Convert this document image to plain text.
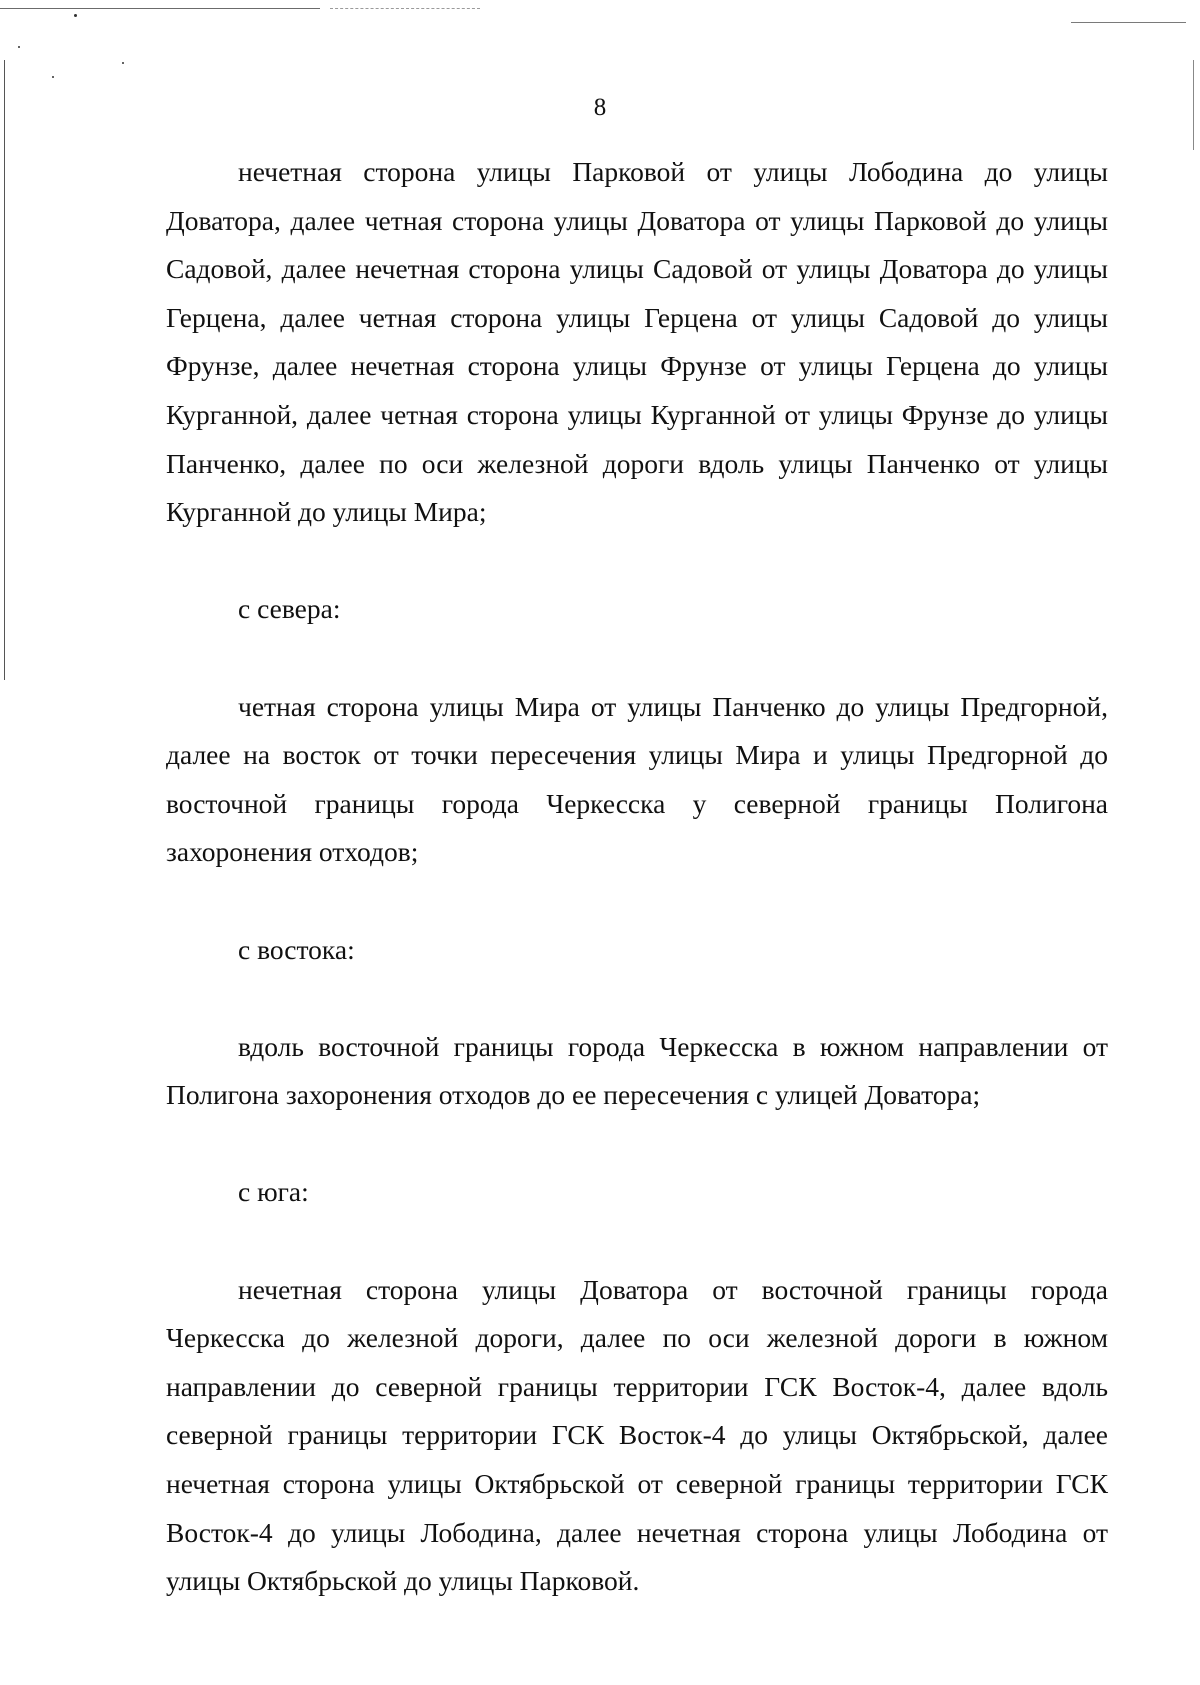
8

нечетная сторона улицы Парковой от улицы Лободина до улицы Доватора, далее четная сторона улицы Доватора от улицы Парковой до улицы Садовой, далее нечетная сторона улицы Садовой от улицы Доватора до улицы Герцена, далее четная сторона улицы Герцена от улицы Садовой до улицы Фрунзе, далее нечетная сторона улицы Фрунзе от улицы Герцена до улицы Курганной, далее четная сторона улицы Курганной от улицы Фрунзе до улицы Панченко, далее по оси железной дороги вдоль улицы Панченко от улицы Курганной до улицы Мира;

с севера:

четная сторона улицы Мира от улицы Панченко до улицы Предгорной, далее на восток от точки пересечения улицы Мира и улицы Предгорной до восточной границы города Черкесска у северной границы Полигона захоронения отходов;

с востока:

вдоль восточной границы города Черкесска в южном направлении от Полигона захоронения отходов до ее пересечения с улицей Доватора;

с юга:

нечетная сторона улицы Доватора от восточной границы города Черкесска до железной дороги, далее по оси железной дороги в южном направлении до северной границы территории ГСК Восток-4, далее вдоль северной границы территории ГСК Восток-4 до улицы Октябрьской, далее нечетная сторона улицы Октябрьской от северной границы территории ГСК Восток-4 до улицы Лободина, далее нечетная сторона улицы Лободина от улицы Октябрьской до улицы Парковой.
